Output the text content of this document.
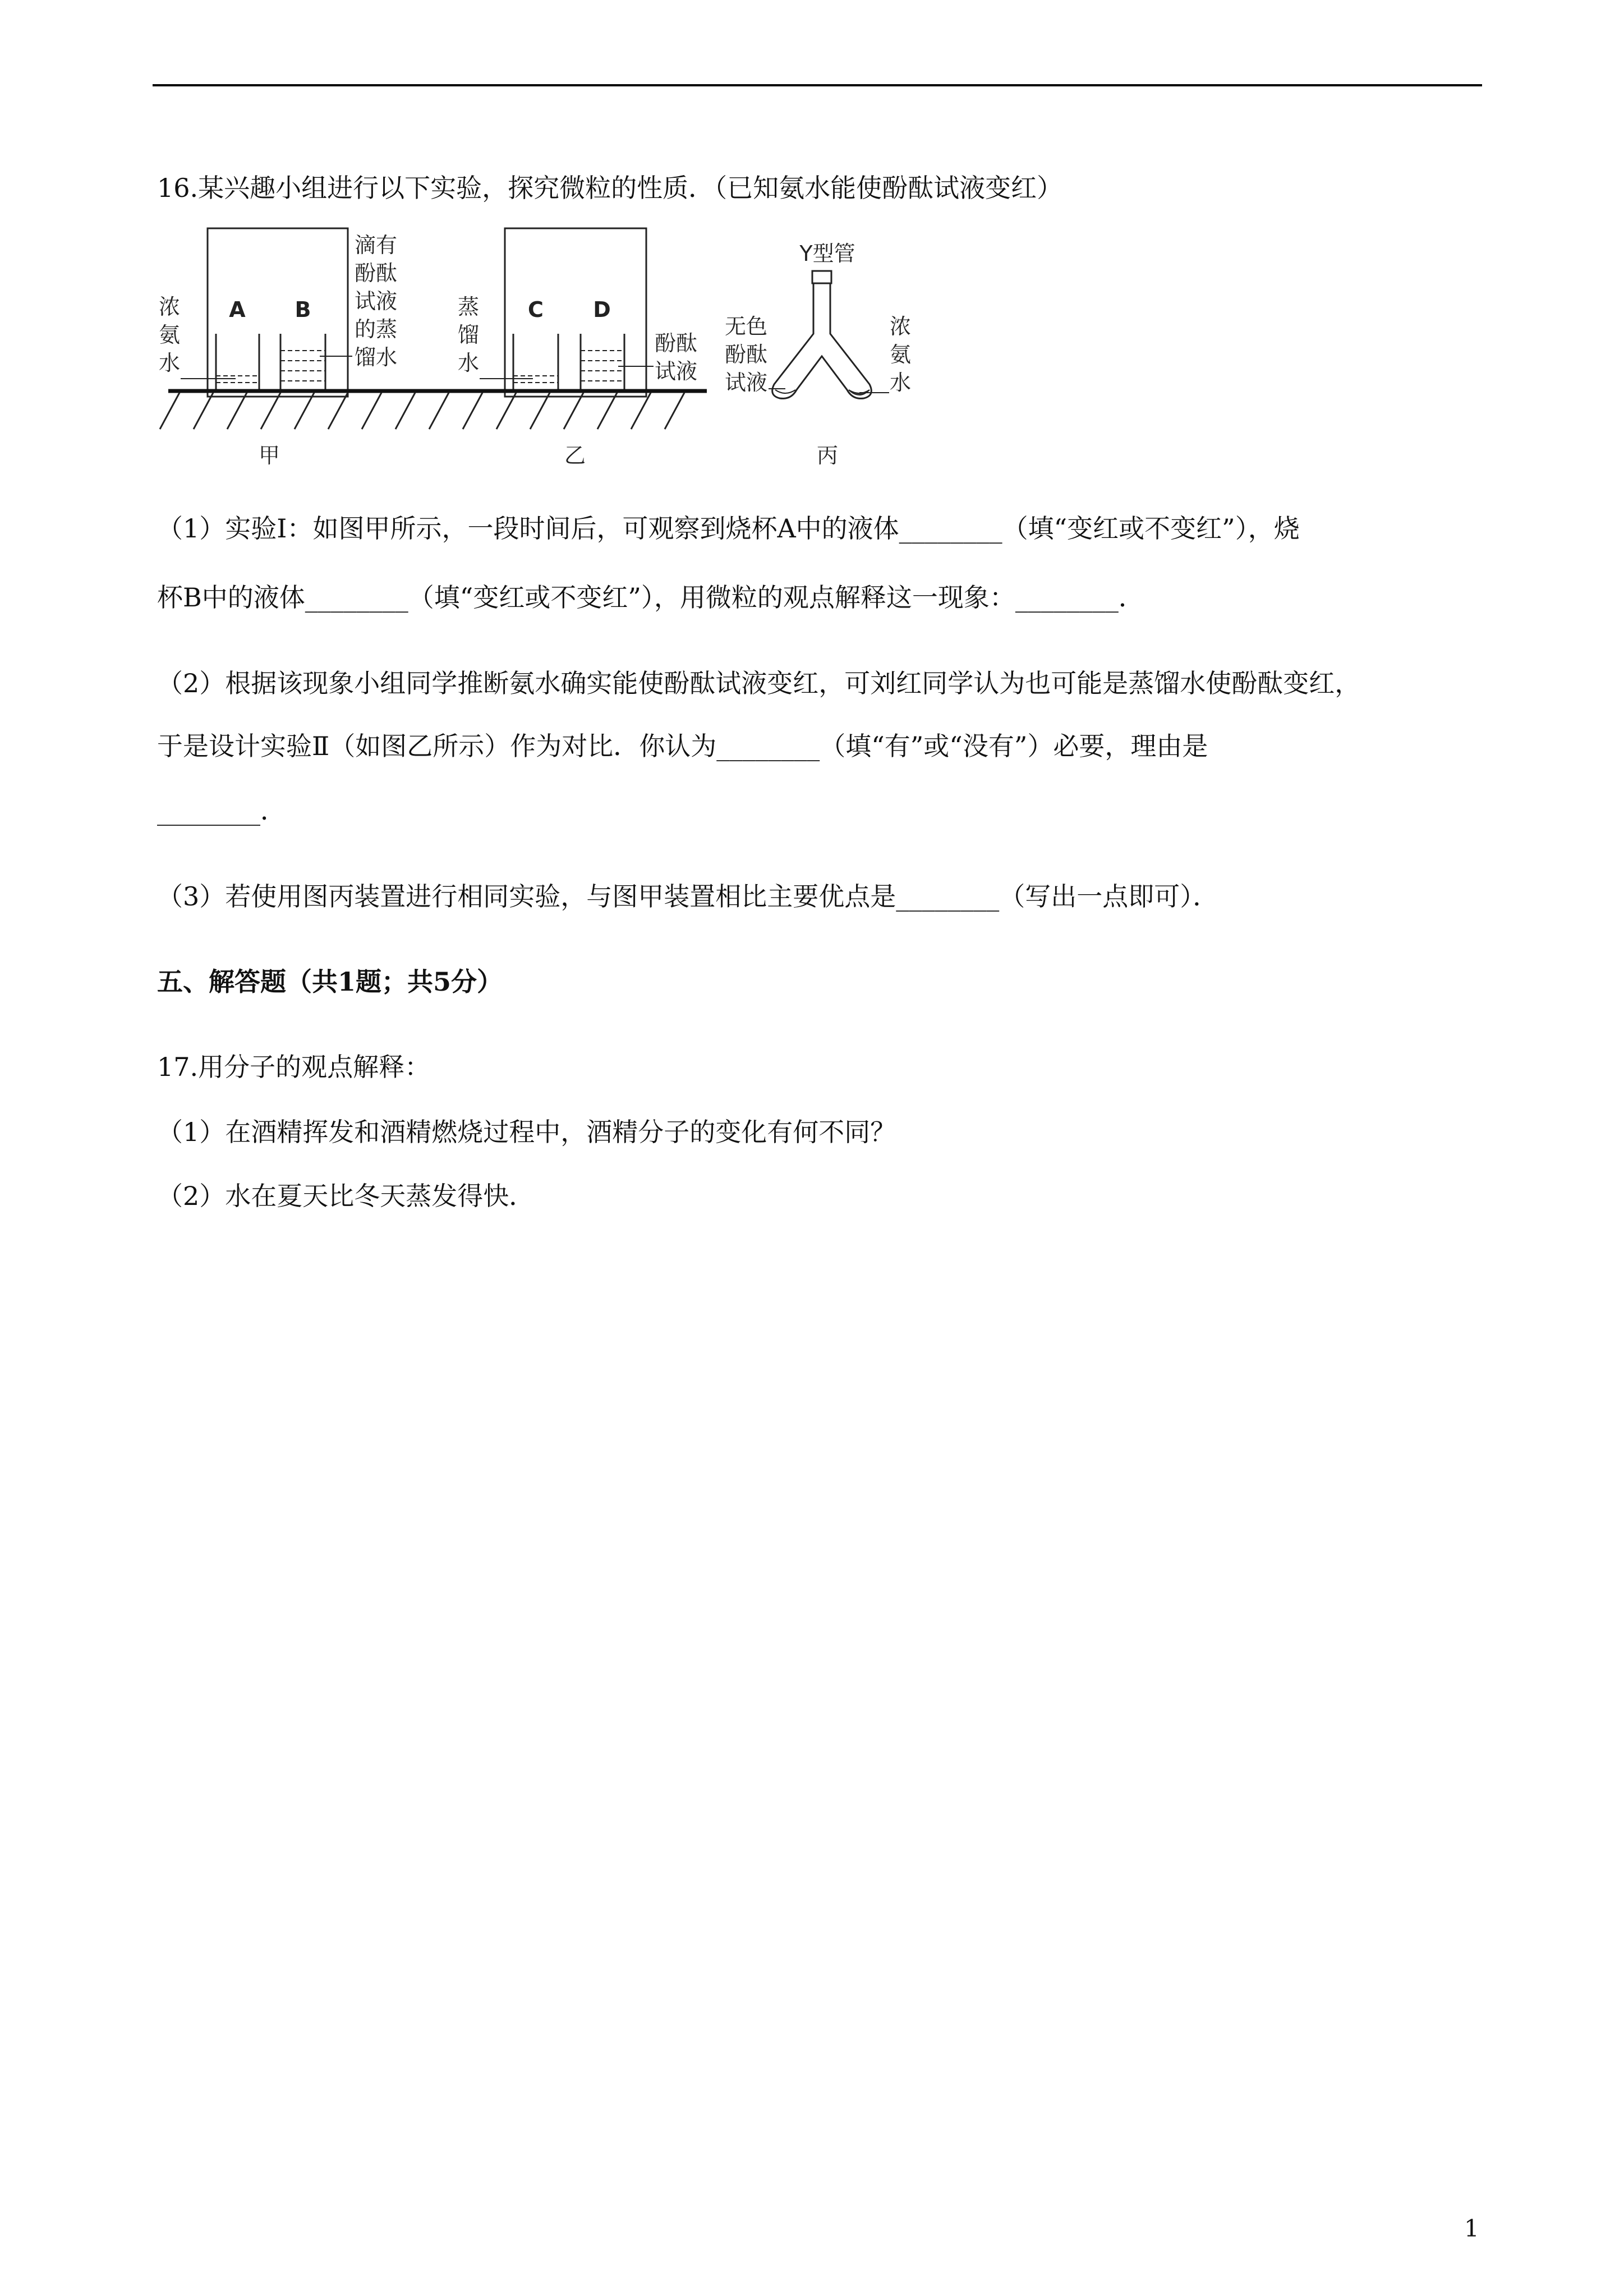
16.某兴趣小组进行以下实验，探究微粒的性质．（已知氨水能使酚酞试液变红）
A B
浓
氨
水
滴有
酚酞
试液
的蒸
馏水
甲
C D
蒸
馏
水
酚酞
试液
乙
Y型管
无色
酚酞
试液
浓
氨
水
丙
（1）实验Ⅰ：如图甲所示，一段时间后，可观察到烧杯A中的液体________（填“变红或不变红”），烧
杯B中的液体________（填“变红或不变红”），用微粒的观点解释这一现象：________．
（2）根据该现象小组同学推断氨水确实能使酚酞试液变红，可刘红同学认为也可能是蒸馏水使酚酞变红，
于是设计实验Ⅱ（如图乙所示）作为对比．你认为________（填“有”或“没有”）必要，理由是
________．
（3）若使用图丙装置进行相同实验，与图甲装置相比主要优点是________（写出一点即可）．
五、解答题（共1题；共5分）
17.用分子的观点解释：
（1）在酒精挥发和酒精燃烧过程中，酒精分子的变化有何不同？
（2）水在夏天比冬天蒸发得快．
1
